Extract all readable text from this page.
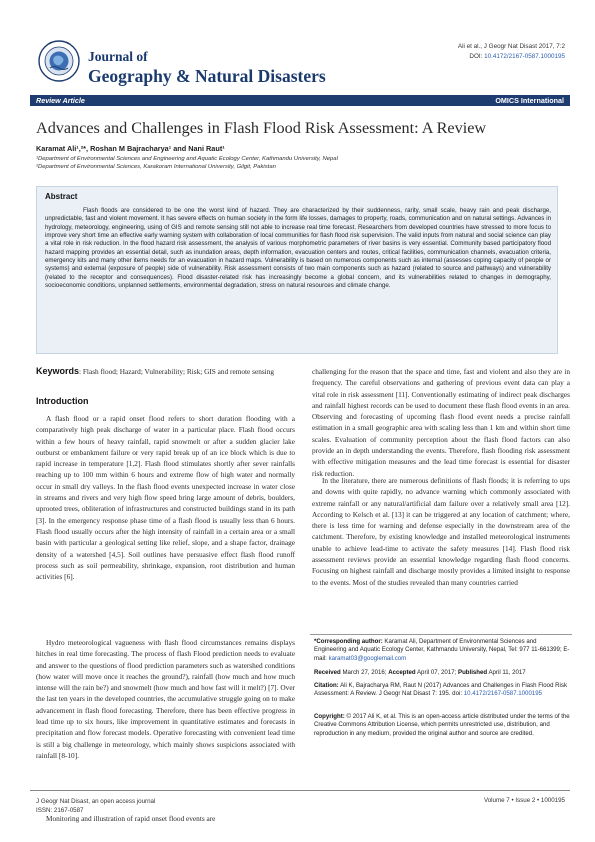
Journal of
Geography & Natural Disasters
Ali et al., J Geogr Nat Disast 2017, 7:2
DOI: 10.4172/2167-0587.1000195
Review Article	OMICS International
Advances and Challenges in Flash Flood Risk Assessment: A Review
Karamat Ali¹,²*, Roshan M Bajracharya¹ and Nani Raut¹
¹Department of Environmental Sciences and Engineering and Aquatic Ecology Center, Kathmandu University, Nepal
²Department of Environmental Sciences, Karakoram International University, Gilgit, Pakistan
Abstract
Flash floods are considered to be one the worst kind of hazard. They are characterized by their suddenness, rarity, small scale, heavy rain and peak discharge, unpredictable, fast and violent movement. It has severe effects on human society in the form life losses, damages to property, roads, communication and on natural settings. Advances in hydrology, meteorology, engineering, using of GIS and remote sensing still not able to increase real time forecast. Researchers from developed countries have stressed to more focus to improve very short time an effective early warning system with collaboration of local communities for flash flood risk supervision. The valid inputs from natural and social science can play a vital role in risk reduction. In the flood hazard risk assessment, the analysis of various morphometric parameters of river basins is very essential. Community based participatory flood hazard mapping provides an essential detail, such as inundation areas, depth information, evacuation centers and routes, critical facilities, communication channels, evacuation criteria, emergency kits and many other items needs for an evacuation in hazard maps. Vulnerability is based on numerous components such as internal (assesses coping capacity of people or systems) and external (exposure of people) side of vulnerability. Risk assessment consists of two main components such as hazard (related to source and pathways) and vulnerability (related to the receptor and consequences). Flood disaster-related risk has increasingly become a global concern, and its vulnerabilities related to changes in demography, socioeconomic conditions, unplanned settlements, environmental degradation, stress on natural resources and climate change.
Keywords: Flash flood; Hazard; Vulnerability; Risk; GIS and remote sensing
Introduction
A flash flood or a rapid onset flood refers to short duration flooding with a comparatively high peak discharge of water in a particular place. Flash flood occurs within a few hours of heavy rainfall, rapid snowmelt or after a sudden glacier lake outburst or embankment failure or very rapid break up of an ice block which is due to rapid increase in temperature [1,2]. Flash flood stimulates shortly after sever rainfalls reaching up to 100 mm within 6 hours and extreme flow of high water and normally occur in small dry valleys. In the flash flood events unexpected increase in water close in streams and rivers and very high flow speed bring large amount of debris, boulders, uprooted trees, obliteration of infrastructures and constructed buildings stand in its path [3]. In the emergency response phase time of a flash flood is usually less than 6 hours. Flash flood usually occurs after the high intensity of rainfall in a certain area or a small basin with particular a geological setting like relief, slope, and a shape factor, drainage density of a watershed [4,5]. Soil outlines have persuasive effect flash flood runoff process such as soil permeability, shrinkage, expansion, root distribution and human activities [6].
Hydro meteorological vagueness with flash flood circumstances remains displays hitches in real time forecasting. The process of flash Flood prediction needs to evaluate and answer to the questions of flood prediction parameters such as watershed conditions (how water will move once it reaches the ground?), rainfall (how much and how much intense will the rain be?) and snowmelt (how much and how fast will it melt?) [7]. Over the last ten years in the developed countries, the accumulative struggle going on to make advancement in flash flood forecasting. Therefore, there has been effective progress in lead time up to six hours, like improvement in quantitative estimates and forecasts in precipitation and flow forecast models. Operative forecasting with convenient lead time is still a big challenge in meteorology, which mainly shows suspicions associated with rainfall [8-10].
Monitoring and illustration of rapid onset flood events are
challenging for the reason that the space and time, fast and violent and also they are in frequency. The careful observations and gathering of previous event data can play a vital role in risk assessment [11]. Conventionally estimating of indirect peak discharges and rainfall highest records can be used to document these flash flood events in an area. Observing and forecasting of upcoming flash flood event needs a precise rainfall estimation in a small geographic area with scaling less than 1 km and within short time scales. Evaluation of community perception about the flash flood factors can also provide an in depth understanding the events. Therefore, flash flooding risk assessment with effective mitigation measures and the lead time forecast is essential for disaster risk reduction.
In the literature, there are numerous definitions of flash floods; it is referring to ups and downs with quite rapidly, no advance warning which commonly associated with extreme rainfall or any natural/artificial dam failure over a relatively small area [12]. According to Kelsch et al. [13] it can be triggered at any location of catchment; where, there is less time for warning and defense especially in the downstream area of the catchment. Therefore, by existing knowledge and installed meteorological instruments unable to achieve lead-time to activate the safety measures [14]. Flash flood risk assessment reviews provide an essential knowledge regarding flash flood concerns. Focusing on highest rainfall and discharge mostly provides a limited insight to response to the events. Most of the studies revealed than many countries carried
*Corresponding author: Karamat Ali, Department of Environmental Sciences and Engineering and Aquatic Ecology Center, Kathmandu University, Nepal, Tel: 977 11-661399; E-mail: karamat03@googlemail.com
Received March 27, 2016; Accepted April 07, 2017; Published April 11, 2017
Citation: Ali K, Bajracharya RM, Raut N (2017) Advances and Challenges in Flash Flood Risk Assessment: A Review. J Geogr Nat Disast 7: 195. doi: 10.4172/2167-0587.1000195
Copyright: © 2017 Ali K, et al. This is an open-access article distributed under the terms of the Creative Commons Attribution License, which permits unrestricted use, distribution, and reproduction in any medium, provided the original author and source are credited.
J Geogr Nat Disast, an open access journal
ISSN: 2167-0587
Volume 7 • Issue 2 • 1000195
